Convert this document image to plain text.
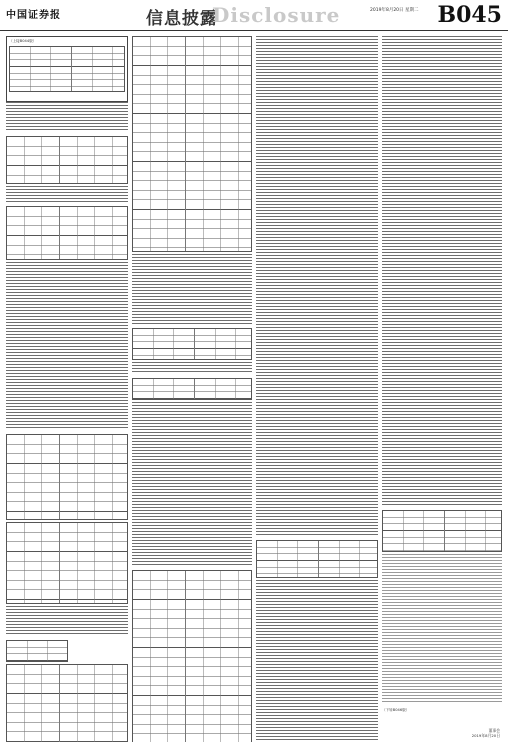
中国证券报	信息披露
Disclosure	2019年8月20日 星期二 B045
（上接B044版）
（下转B046版）
董事会
2019年8月20日
